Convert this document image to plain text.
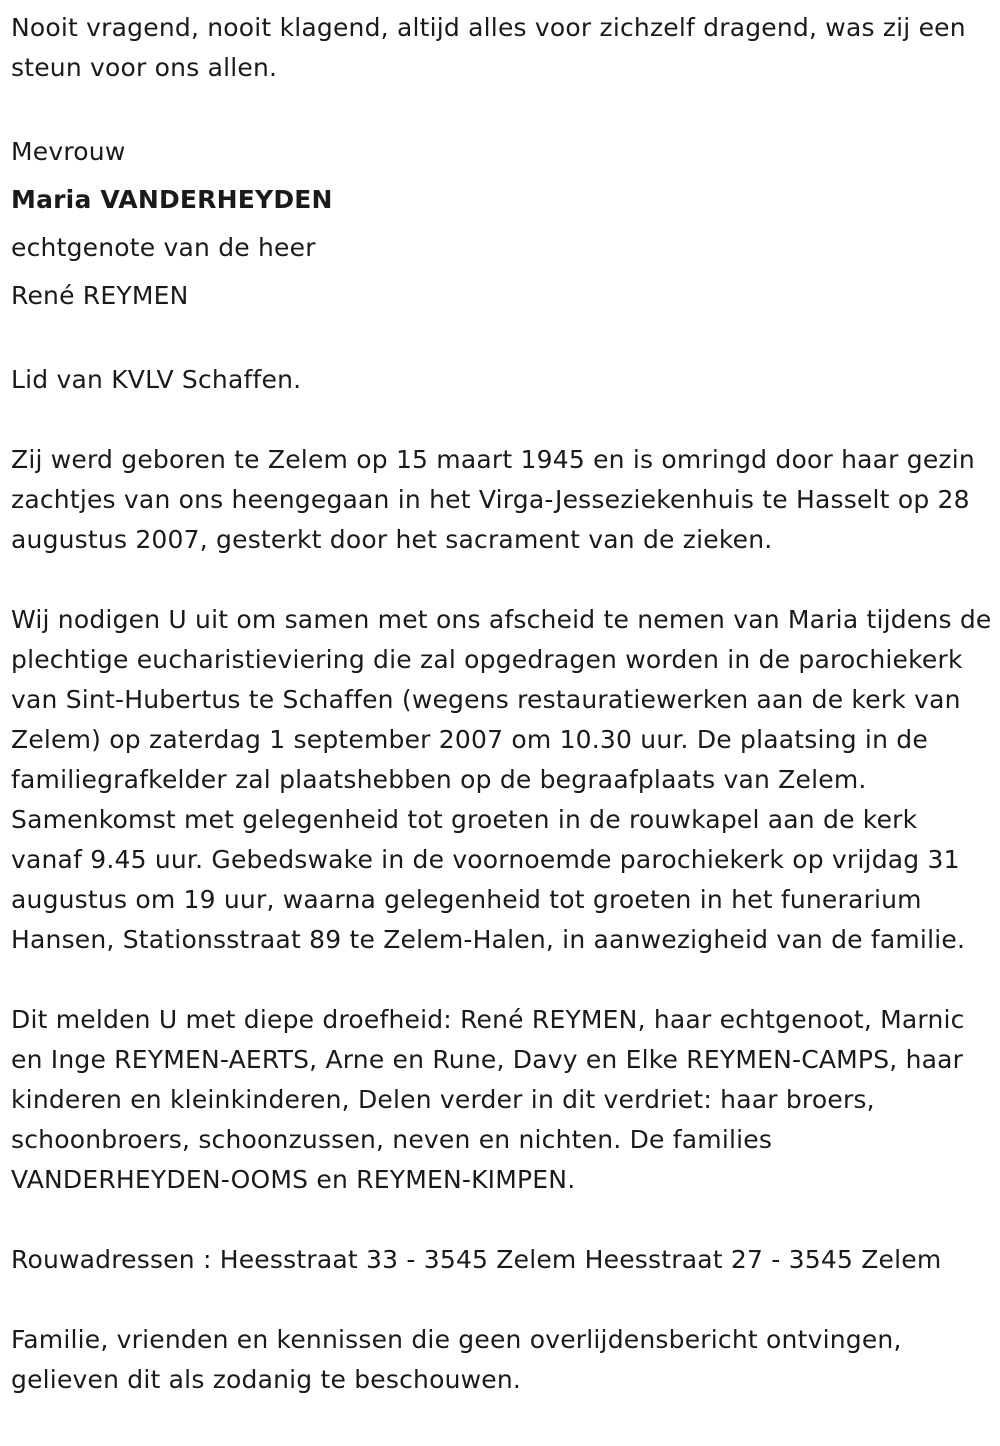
Nooit vragend, nooit klagend, altijd alles voor zichzelf dragend, was zij een steun voor ons allen.

Mevrouw

Maria VANDERHEYDEN

echtgenote van de heer

René REYMEN

Lid van KVLV Schaffen.

Zij werd geboren te Zelem op 15 maart 1945 en is omringd door haar gezin zachtjes van ons heengegaan in het Virga-Jesseziekenhuis te Hasselt op 28 augustus 2007, gesterkt door het sacrament van de zieken.

Wij nodigen U uit om samen met ons afscheid te nemen van Maria tijdens de plechtige eucharistieviering die zal opgedragen worden in de parochiekerk van Sint-Hubertus te Schaffen (wegens restauratiewerken aan de kerk van Zelem) op zaterdag 1 september 2007 om 10.30 uur. De plaatsing in de familiegrafkelder zal plaatshebben op de begraafplaats van Zelem. Samenkomst met gelegenheid tot groeten in de rouwkapel aan de kerk vanaf 9.45 uur. Gebedswake in de voornoemde parochiekerk op vrijdag 31 augustus om 19 uur, waarna gelegenheid tot groeten in het funerarium Hansen, Stationsstraat 89 te Zelem-Halen, in aanwezigheid van de familie.

Dit melden U met diepe droefheid: René REYMEN, haar echtgenoot, Marnic en Inge REYMEN-AERTS, Arne en Rune, Davy en Elke REYMEN-CAMPS, haar kinderen en kleinkinderen, Delen verder in dit verdriet: haar broers, schoonbroers, schoonzussen, neven en nichten. De families VANDERHEYDEN-OOMS en REYMEN-KIMPEN.

Rouwadressen : Heesstraat 33 - 3545 Zelem Heesstraat 27 - 3545 Zelem

Familie, vrienden en kennissen die geen overlijdensbericht ontvingen, gelieven dit als zodanig te beschouwen.
